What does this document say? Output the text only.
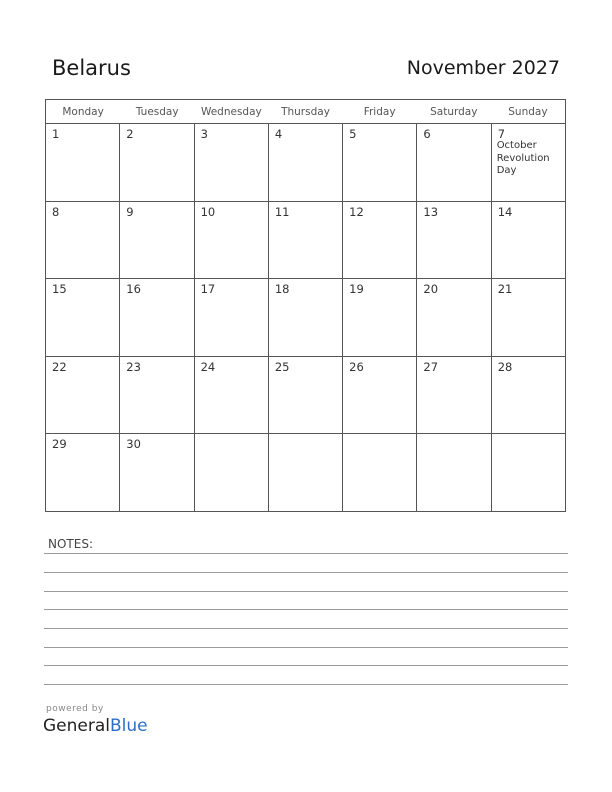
Belarus	November 2027
Monday	Tuesday	Wednesday	Thursday	Friday	Saturday	Sunday
1	2	3	4	5	6	7
October Revolution Day
8	9	10	11	12	13	14
15	16	17	18	19	20	21
22	23	24	25	26	27	28
29	30
NOTES:
powered by
GeneralBlue
